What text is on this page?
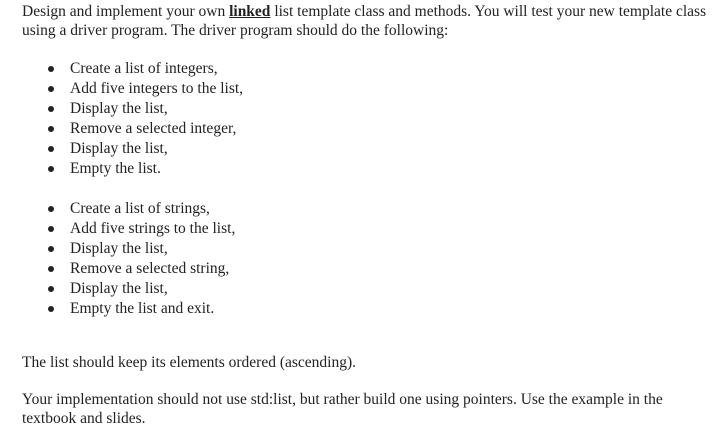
Design and implement your own linked list template class and methods. You will test your new template class using a driver program. The driver program should do the following:

Create a list of integers,
Add five integers to the list,
Display the list,
Remove a selected integer,
Display the list,
Empty the list.
Create a list of strings,
Add five strings to the list,
Display the list,
Remove a selected string,
Display the list,
Empty the list and exit.

The list should keep its elements ordered (ascending).

Your implementation should not use std:list, but rather build one using pointers. Use the example in the textbook and slides.
